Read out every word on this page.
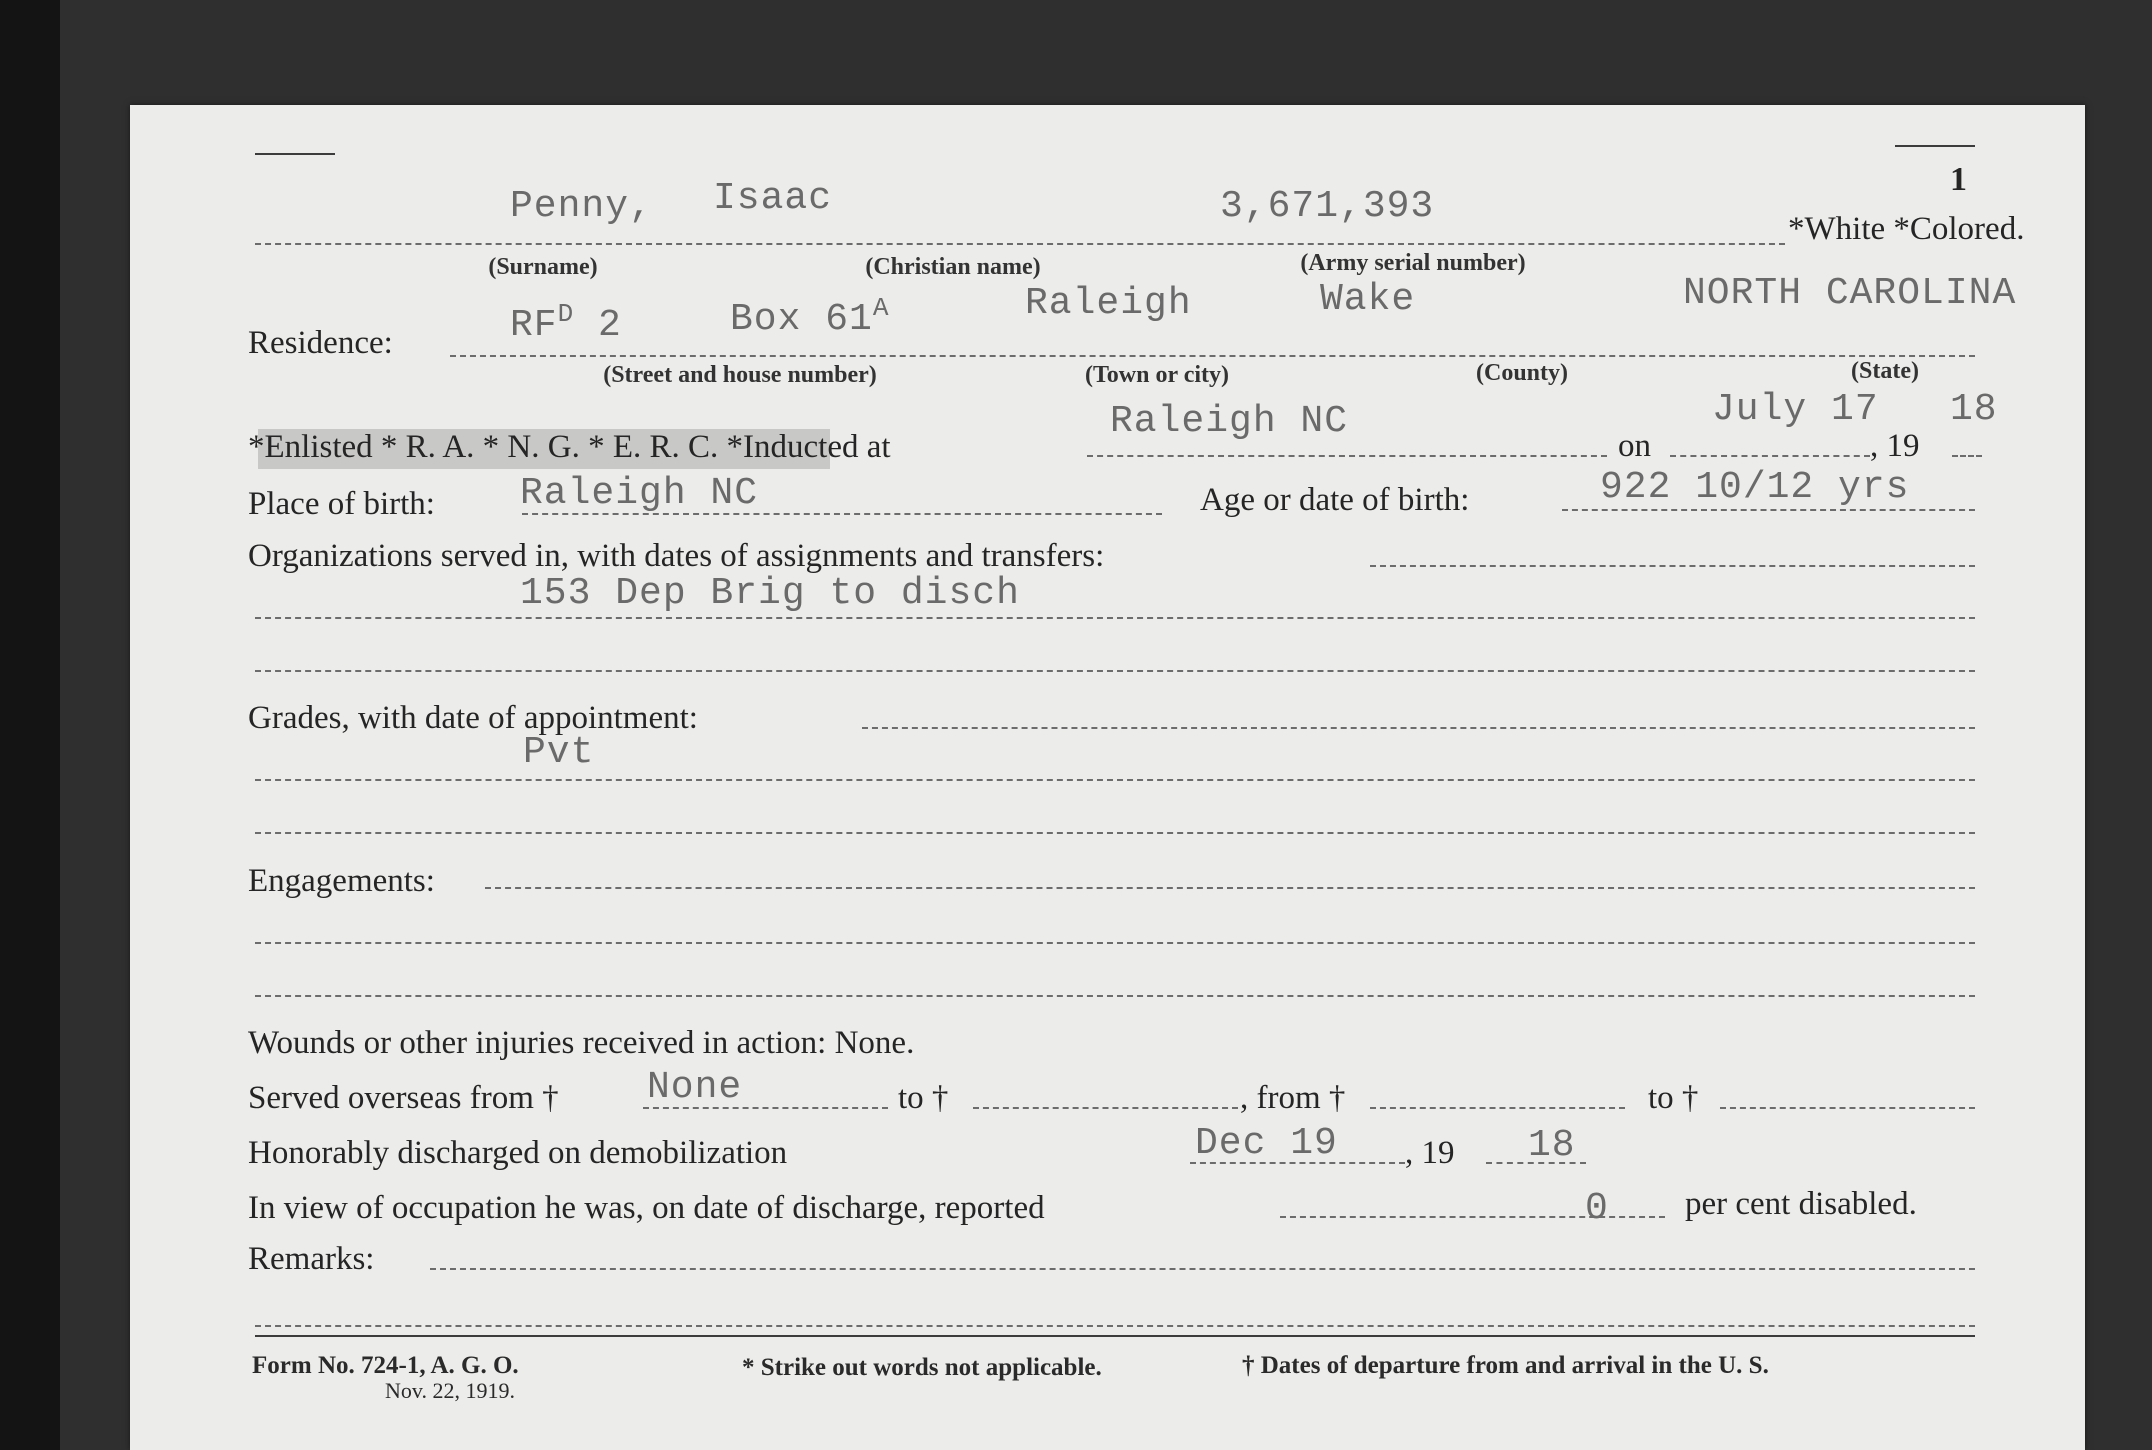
1
Penny, Isaac	3,671,393
*White *Colored.
(Surname)	(Christian name)	(Army serial number)
Residence:	$RF^D$ 2	Box $61^A$	Raleigh	Wake	NORTH CAROLINA
(Street and house number)	(Town or city)	(County)	(State)
*Enlisted * R. A. * N. G. * E. R. C. *Inducted at
Raleigh NC
on
July 17
, 19
18
Place of birth: Raleigh NC	Age or date of birth:	922 10/12 yrs
Organizations served in, with dates of assignments and transfers:
153 Dep Brig to disch
Grades, with date of appointment:
Pvt
Engagements:
Wounds or other injuries received in action: None.
Served overseas from † None	to †	, from †	to †
Honorably discharged on demobilization	Dec 19 , 19 18
In view of occupation he was, on date of discharge, reported	0 per cent disabled.
Remarks:
Form No. 724-1, A. G. O.
Nov. 22, 1919.
* Strike out words not applicable.	† Dates of departure from and arrival in the U. S.
